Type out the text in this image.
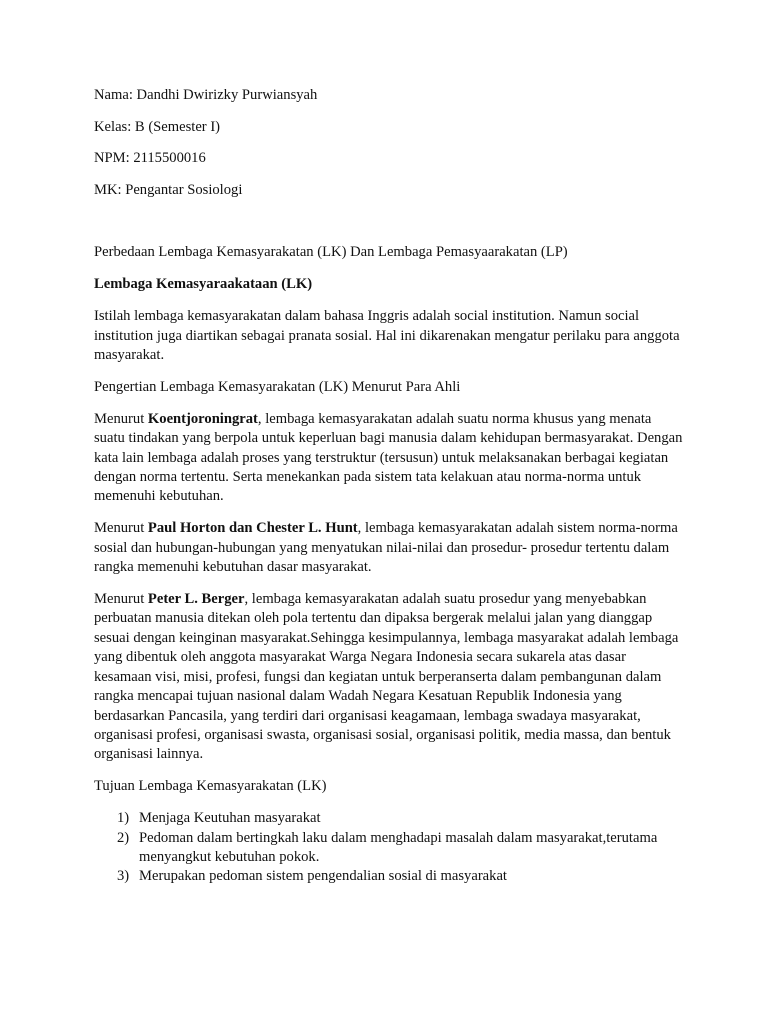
Nama: Dandhi Dwirizky Purwiansyah

Kelas: B (Semester I)

NPM: 2115500016

MK: Pengantar Sosiologi

Perbedaan Lembaga Kemasyarakatan (LK) Dan Lembaga Pemasyaarakatan (LP)

Lembaga Kemasyaraakataan (LK)

Istilah lembaga kemasyarakatan dalam bahasa Inggris adalah social institution. Namun social institution juga diartikan sebagai pranata sosial. Hal ini dikarenakan mengatur perilaku para anggota masyarakat.

Pengertian Lembaga Kemasyarakatan (LK) Menurut Para Ahli

Menurut Koentjoroningrat, lembaga kemasyarakatan adalah suatu norma khusus yang menata suatu tindakan yang berpola untuk keperluan bagi manusia dalam kehidupan bermasyarakat. Dengan kata lain lembaga adalah proses yang terstruktur (tersusun) untuk melaksanakan berbagai kegiatan dengan norma tertentu. Serta menekankan pada sistem tata kelakuan atau norma-norma untuk memenuhi kebutuhan.

Menurut Paul Horton dan Chester L. Hunt, lembaga kemasyarakatan adalah sistem norma-norma sosial dan hubungan-hubungan yang menyatukan nilai-nilai dan prosedur- prosedur tertentu dalam rangka memenuhi kebutuhan dasar masyarakat.

Menurut Peter L. Berger, lembaga kemasyarakatan adalah suatu prosedur yang menyebabkan perbuatan manusia ditekan oleh pola tertentu dan dipaksa bergerak melalui jalan yang dianggap sesuai dengan keinginan masyarakat.Sehingga kesimpulannya, lembaga masyarakat adalah lembaga yang dibentuk oleh anggota masyarakat Warga Negara Indonesia secara sukarela atas dasar kesamaan visi, misi, profesi, fungsi dan kegiatan untuk berperanserta dalam pembangunan dalam rangka mencapai tujuan nasional dalam Wadah Negara Kesatuan Republik Indonesia yang berdasarkan Pancasila, yang terdiri dari organisasi keagamaan, lembaga swadaya masyarakat, organisasi profesi, organisasi swasta, organisasi sosial, organisasi politik, media massa, dan bentuk organisasi lainnya.

Tujuan Lembaga Kemasyarakatan (LK)

1) Menjaga Keutuhan masyarakat
2) Pedoman dalam bertingkah laku dalam menghadapi masalah dalam masyarakat,terutama menyangkut kebutuhan pokok.
3) Merupakan pedoman sistem pengendalian sosial di masyarakat
